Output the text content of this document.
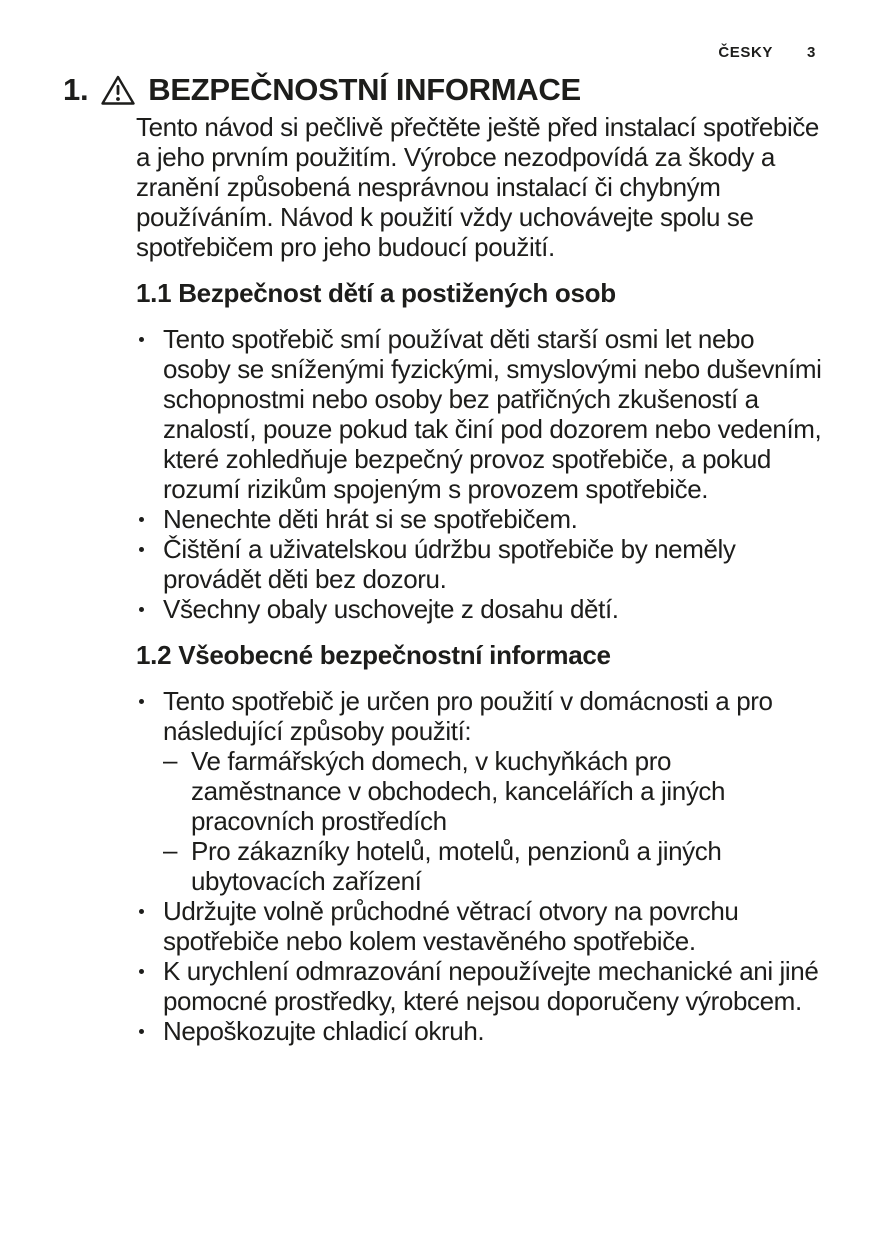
ČESKY 3
1. BEZPEČNOSTNÍ INFORMACE

Tento návod si pečlivě přečtěte ještě před instalací spotřebiče a jeho prvním použitím. Výrobce nezodpovídá za škody a zranění způsobená nesprávnou instalací či chybným používáním. Návod k použití vždy uchovávejte spolu se spotřebičem pro jeho budoucí použití.

1.1 Bezpečnost dětí a postižených osob
Tento spotřebič smí používat děti starší osmi let nebo osoby se sníženými fyzickými, smyslovými nebo duševními schopnostmi nebo osoby bez patřičných zkušeností a znalostí, pouze pokud tak činí pod dozorem nebo vedením, které zohledňuje bezpečný provoz spotřebiče, a pokud rozumí rizikům spojeným s provozem spotřebiče.
Nenechte děti hrát si se spotřebičem.
Čištění a uživatelskou údržbu spotřebiče by neměly provádět děti bez dozoru.
Všechny obaly uschovejte z dosahu dětí.
1.2 Všeobecné bezpečnostní informace
Tento spotřebič je určen pro použití v domácnosti a pro následující způsoby použití:
– Ve farmářských domech, v kuchyňkách pro zaměstnance v obchodech, kancelářích a jiných pracovních prostředích
– Pro zákazníky hotelů, motelů, penzionů a jiných ubytovacích zařízení
Udržujte volně průchodné větrací otvory na povrchu spotřebiče nebo kolem vestavěného spotřebiče.
K urychlení odmrazování nepoužívejte mechanické ani jiné pomocné prostředky, které nejsou doporučeny výrobcem.
Nepoškozujte chladicí okruh.
